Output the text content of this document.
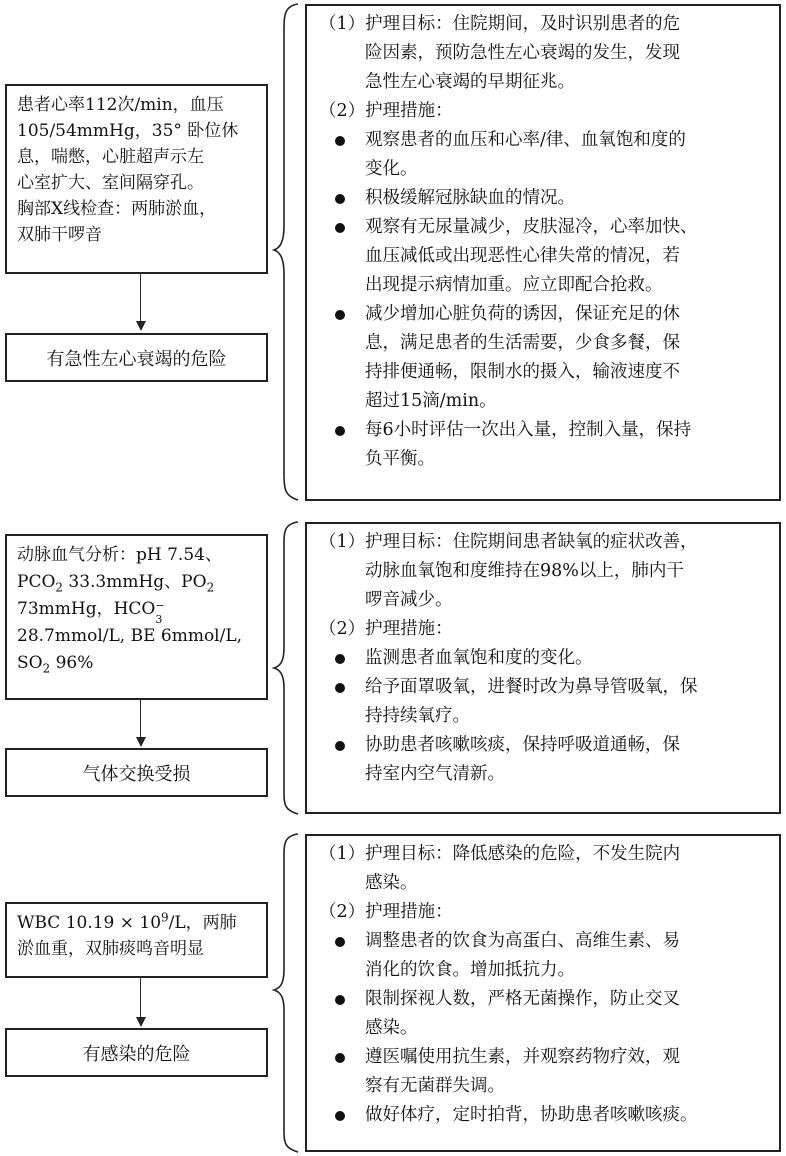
患者心率112次/min，血压
105/54mmHg，35° 卧位休
息，喘憋，心脏超声示左
心室扩大、室间隔穿孔。
胸部X线检查：两肺淤血，
双肺干啰音
有急性左心衰竭的危险
（1）护理目标：住院期间，及时识别患者的危
险因素，预防急性左心衰竭的发生，发现
急性左心衰竭的早期征兆。
（2）护理措施：
观察患者的血压和心率/律、血氧饱和度的
变化。
积极缓解冠脉缺血的情况。
观察有无尿量减少，皮肤湿冷，心率加快、
血压减低或出现恶性心律失常的情况，若
出现提示病情加重。应立即配合抢救。
减少增加心脏负荷的诱因，保证充足的休
息，满足患者的生活需要，少食多餐，保
持排便通畅，限制水的摄入，输液速度不
超过15滴/min。
每6小时评估一次出入量，控制入量，保持
负平衡。
动脉血气分析：pH 7.54、
$PCO_2$ 33.3mmHg、$PO_2$
73mmHg，HCO −
3
28.7mmol/L, BE 6mmol/L,
$SO_2$ 96%
气体交换受损
（1）护理目标：住院期间患者缺氧的症状改善，
动脉血氧饱和度维持在98%以上，肺内干
啰音减少。
（2）护理措施：
监测患者血氧饱和度的变化。
给予面罩吸氧，进餐时改为鼻导管吸氧，保
持持续氧疗。
协助患者咳嗽咳痰，保持呼吸道通畅，保
持室内空气清新。
WBC $10.19 \times 10^9/L$，两肺
淤血重，双肺痰鸣音明显
有感染的危险
（1）护理目标：降低感染的危险，不发生院内
感染。
（2）护理措施：
调整患者的饮食为高蛋白、高维生素、易
消化的饮食。增加抵抗力。
限制探视人数，严格无菌操作，防止交叉
感染。
遵医嘱使用抗生素，并观察药物疗效，观
察有无菌群失调。
做好体疗，定时拍背，协助患者咳嗽咳痰。
